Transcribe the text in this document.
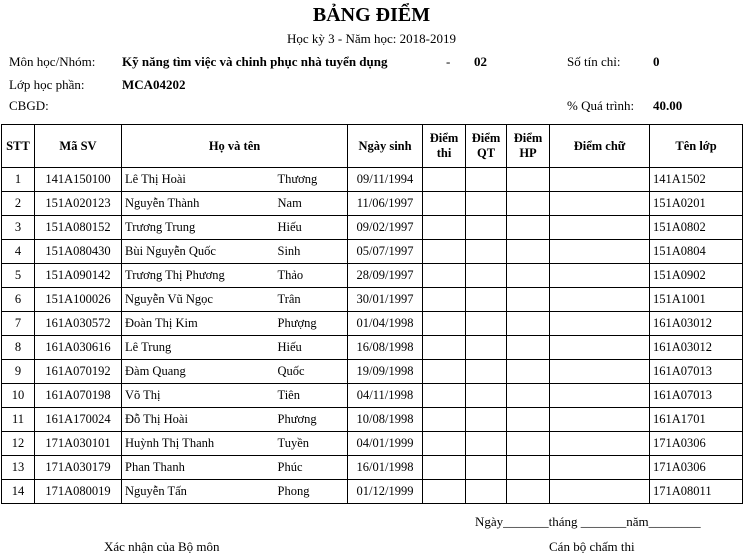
BẢNG ĐIỂM
Học kỳ 3 - Năm học: 2018-2019
Môn học/Nhóm: Kỹ năng tìm việc và chinh phục nhà tuyển dụng	- 02	Số tín chỉ:	0
Lớp học phần:	MCA04202
CBGD:	% Quá trình: 40.00
STT	Mã SV	Họ và tên		Ngày sinh	Điểm thi	Điểm QT	Điểm HP	Điểm chữ	Tên lớp
1	141A150100	Lê Thị Hoài	Thương	09/11/1994					141A1502
2	151A020123	Nguyễn Thành	Nam	11/06/1997					151A0201
3	151A080152	Trương Trung	Hiếu	09/02/1997					151A0802
4	151A080430	Bùi Nguyễn Quốc	Sinh	05/07/1997					151A0804
5	151A090142	Trương Thị Phương	Thảo	28/09/1997					151A0902
6	151A100026	Nguyễn Vũ Ngọc	Trân	30/01/1997					151A1001
7	161A030572	Đoàn Thị Kim	Phượng	01/04/1998					161A03012
8	161A030616	Lê Trung	Hiếu	16/08/1998					161A03012
9	161A070192	Đàm Quang	Quốc	19/09/1998					161A07013
10	161A070198	Võ Thị	Tiên	04/11/1998					161A07013
11	161A170024	Đỗ Thị Hoài	Phương	10/08/1998					161A1701
12	171A030101	Huỳnh Thị Thanh	Tuyền	04/01/1999					171A0306
13	171A030179	Phan Thanh	Phúc	16/01/1998					171A0306
14	171A080019	Nguyễn Tấn	Phong	01/12/1999					171A08011
Ngày_______tháng _______năm________
Xác nhận của Bộ môn	Cán bộ chấm thi
